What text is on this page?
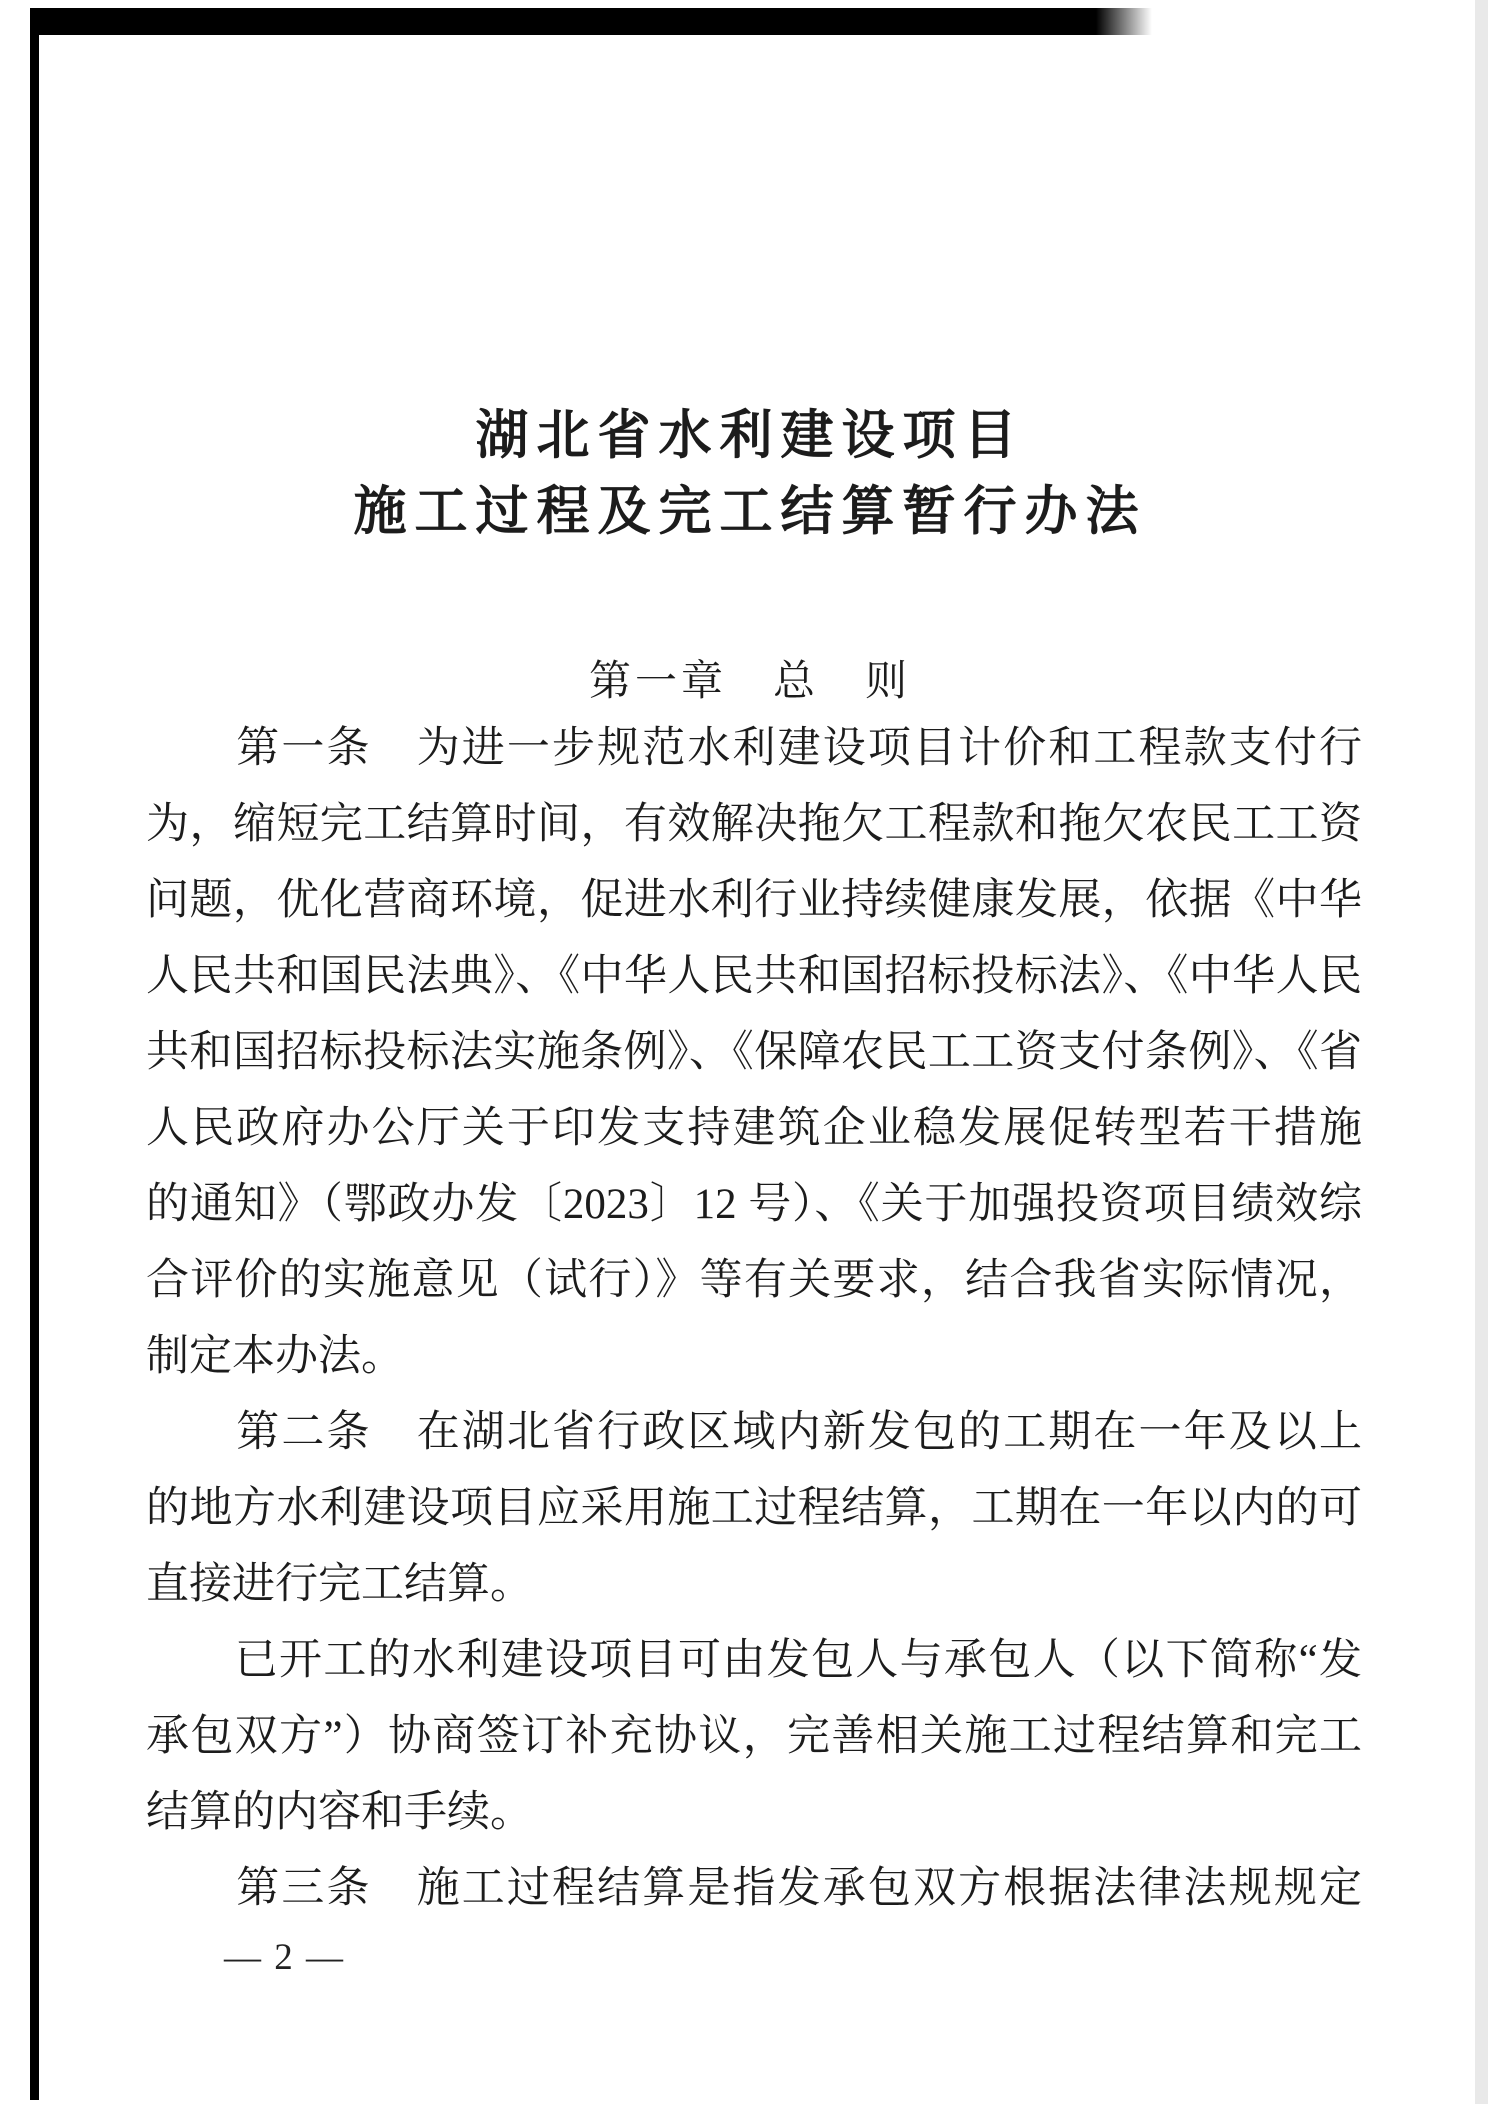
湖北省水利建设项目
施工过程及完工结算暂行办法
第一章　总　则
　　第一条　为进一步规范水利建设项目计价和工程款支付行
为，缩短完工结算时间，有效解决拖欠工程款和拖欠农民工工资
问题，优化营商环境，促进水利行业持续健康发展，依据《中华
人民共和国民法典》、《中华人民共和国招标投标法》、《中华人民
共和国招标投标法实施条例》、《保障农民工工资支付条例》、《省
人民政府办公厅关于印发支持建筑企业稳发展促转型若干措施
的通知》（鄂政办发〔2023〕12 号）、《关于加强投资项目绩效综
合评价的实施意见（试行）》等有关要求，结合我省实际情况，
制定本办法。
　　第二条　在湖北省行政区域内新发包的工期在一年及以上
的地方水利建设项目应采用施工过程结算，工期在一年以内的可
直接进行完工结算。
　　已开工的水利建设项目可由发包人与承包人（以下简称“发
承包双方”）协商签订补充协议，完善相关施工过程结算和完工
结算的内容和手续。
　　第三条　施工过程结算是指发承包双方根据法律法规规定
— 2 —
